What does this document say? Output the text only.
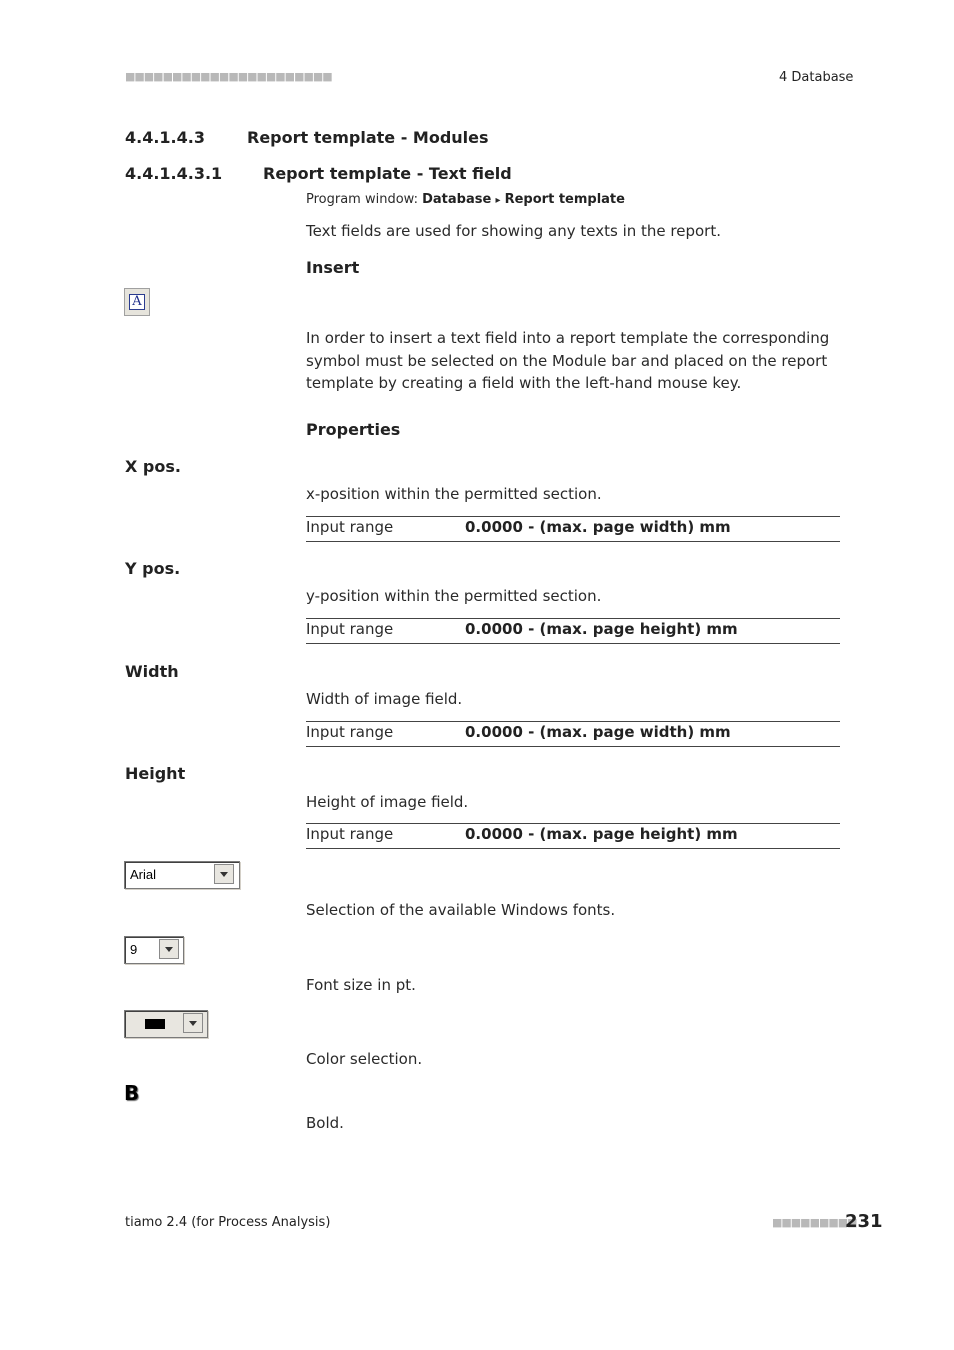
■■■■■■■■■■■■■■■■■■■■■■	4 Database
4.4.1.4.3	Report template - Modules
4.4.1.4.3.1	Report template - Text field
Program window: Database ▸ Report template
Text fields are used for showing any texts in the report.
Insert
A
In order to insert a text field into a report template the corresponding
symbol must be selected on the Module bar and placed on the report
template by creating a field with the left-hand mouse key.
Properties
X pos.
x-position within the permitted section.
Input range	0.0000 - (max. page width) mm
Y pos.
y-position within the permitted section.
Input range	0.0000 - (max. page height) mm
Width
Width of image field.
Input range	0.0000 - (max. page width) mm
Height
Height of image field.
Input range	0.0000 - (max. page height) mm
Arial
Selection of the available Windows fonts.
9
Font size in pt.
Color selection.
B
Bold.
tiamo 2.4 (for Process Analysis)	■■■■■■■■■
231
